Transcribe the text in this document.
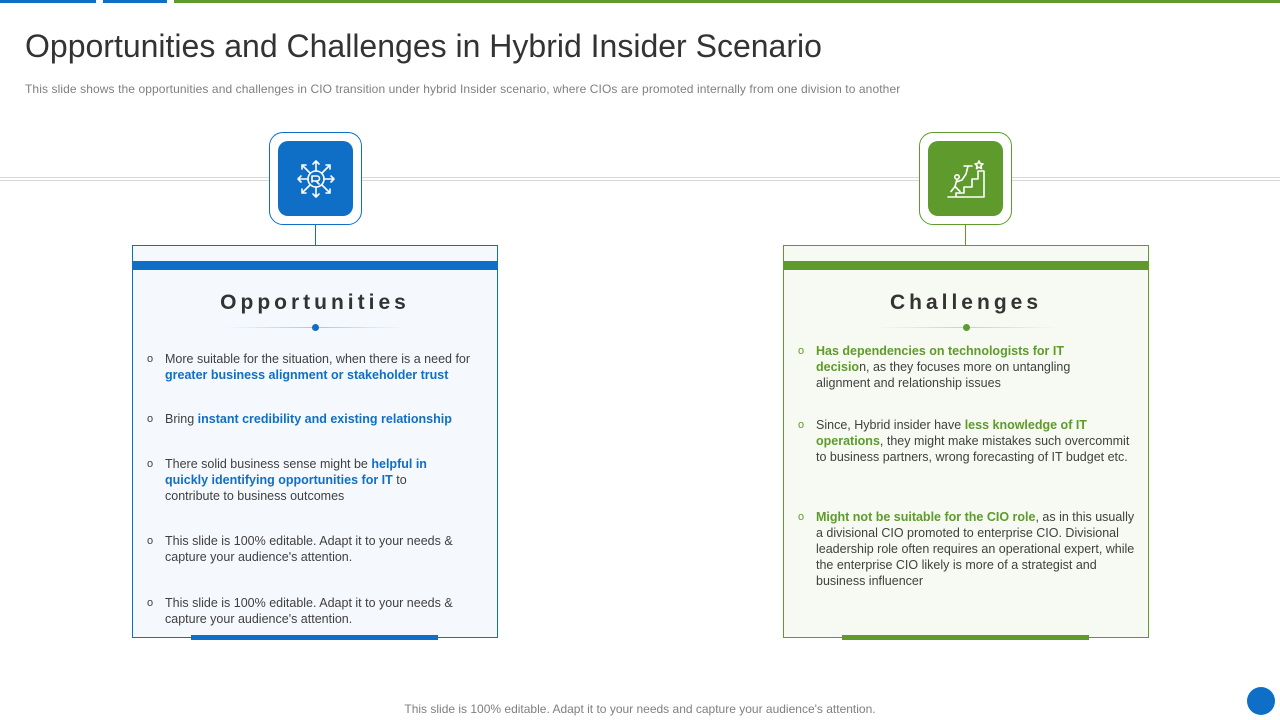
Opportunities and Challenges in Hybrid Insider Scenario
This slide shows the opportunities and challenges in CIO transition under hybrid Insider scenario, where CIOs are promoted internally from one division to another
Opportunities
o More suitable for the situation, when there is a need for greater business alignment or stakeholder trust
o Bring instant credibility and existing relationship
o There solid business sense might be helpful in quickly identifying opportunities for IT to contribute to business outcomes
o This slide is 100% editable. Adapt it to your needs & capture your audience's attention.
o This slide is 100% editable. Adapt it to your needs & capture your audience's attention.
Challenges
o Has dependencies on technologists for IT decision, as they focuses more on untangling alignment and relationship issues
o Since, Hybrid insider have less knowledge of IT operations, they might make mistakes such overcommit to business partners, wrong forecasting of IT budget etc.
o Might not be suitable for the CIO role, as in this usually a divisional CIO promoted to enterprise CIO. Divisional leadership role often requires an operational expert, while the enterprise CIO likely is more of a strategist and business influencer
This slide is 100% editable. Adapt it to your needs and capture your audience's attention.
